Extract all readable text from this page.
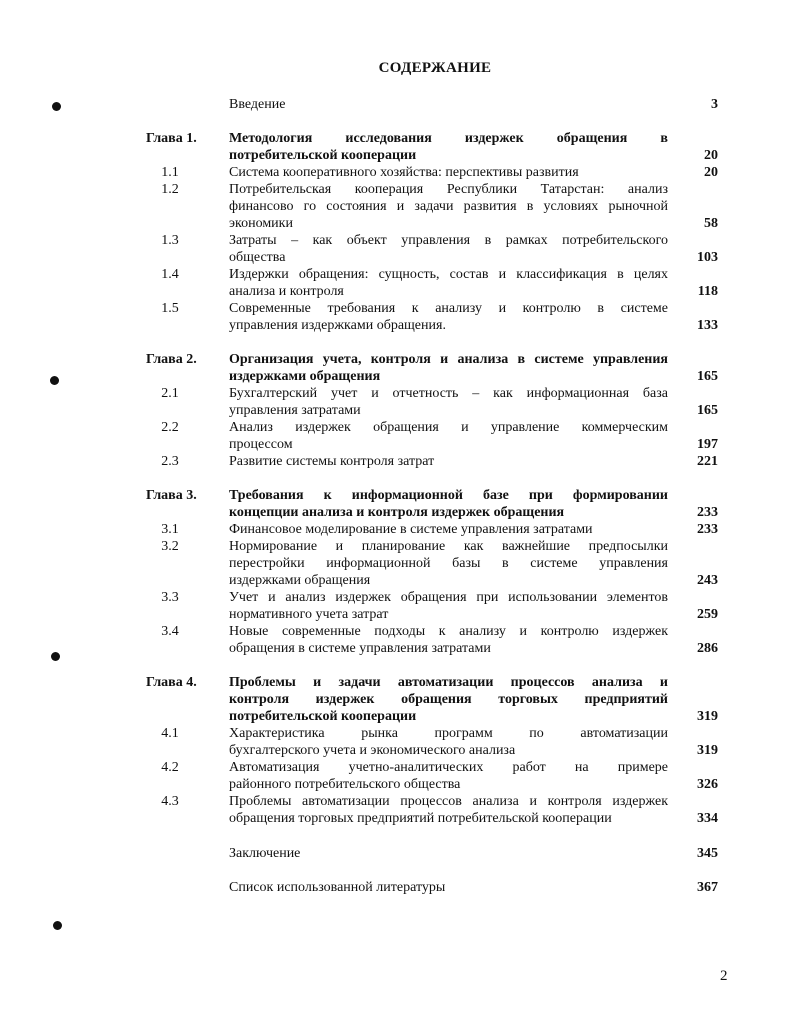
СОДЕРЖАНИЕ
Введение	3
Глава 1.	Методология исследования издержек обращения в
потребительской кооперации	20
1.1	Система кооперативного хозяйства: перспективы развития	20
1.2	Потребительская кооперация Республики Татарстан: анализ
финансово го состояния и задачи развития в условиях рыночной
экономики	58
1.3	Затраты – как объект управления в рамках потребительского
общества	103
1.4	Издержки обращения: сущность, состав и классификация в целях
анализа и контроля	118
1.5	Современные требования к анализу и контролю в системе
управления издержками обращения.	133
Глава 2.	Организация учета, контроля и анализа в системе управления
издержками обращения	165
2.1	Бухгалтерский учет и отчетность – как информационная база
управления затратами	165
2.2	Анализ издержек обращения и управление коммерческим
процессом	197
2.3	Развитие системы контроля затрат	221
Глава 3.	Требования к информационной базе при формировании
концепции анализа и контроля издержек обращения	233
3.1	Финансовое моделирование в системе управления затратами	233
3.2	Нормирование и планирование как важнейшие предпосылки
перестройки информационной базы в системе управления
издержками обращения	243
3.3	Учет и анализ издержек обращения при использовании элементов
нормативного учета затрат	259
3.4	Новые современные подходы к анализу и контролю издержек
обращения в системе управления затратами	286
Глава 4.	Проблемы и задачи автоматизации процессов анализа и
контроля издержек обращения торговых предприятий
потребительской кооперации	319
4.1	Характеристика рынка программ по автоматизации
бухгалтерского учета и экономического анализа	319
4.2	Автоматизация учетно-аналитических работ на примере
районного потребительского общества	326
4.3	Проблемы автоматизации процессов анализа и контроля издержек
обращения торговых предприятий потребительской кооперации	334
Заключение	345
Список использованной литературы	367
2
